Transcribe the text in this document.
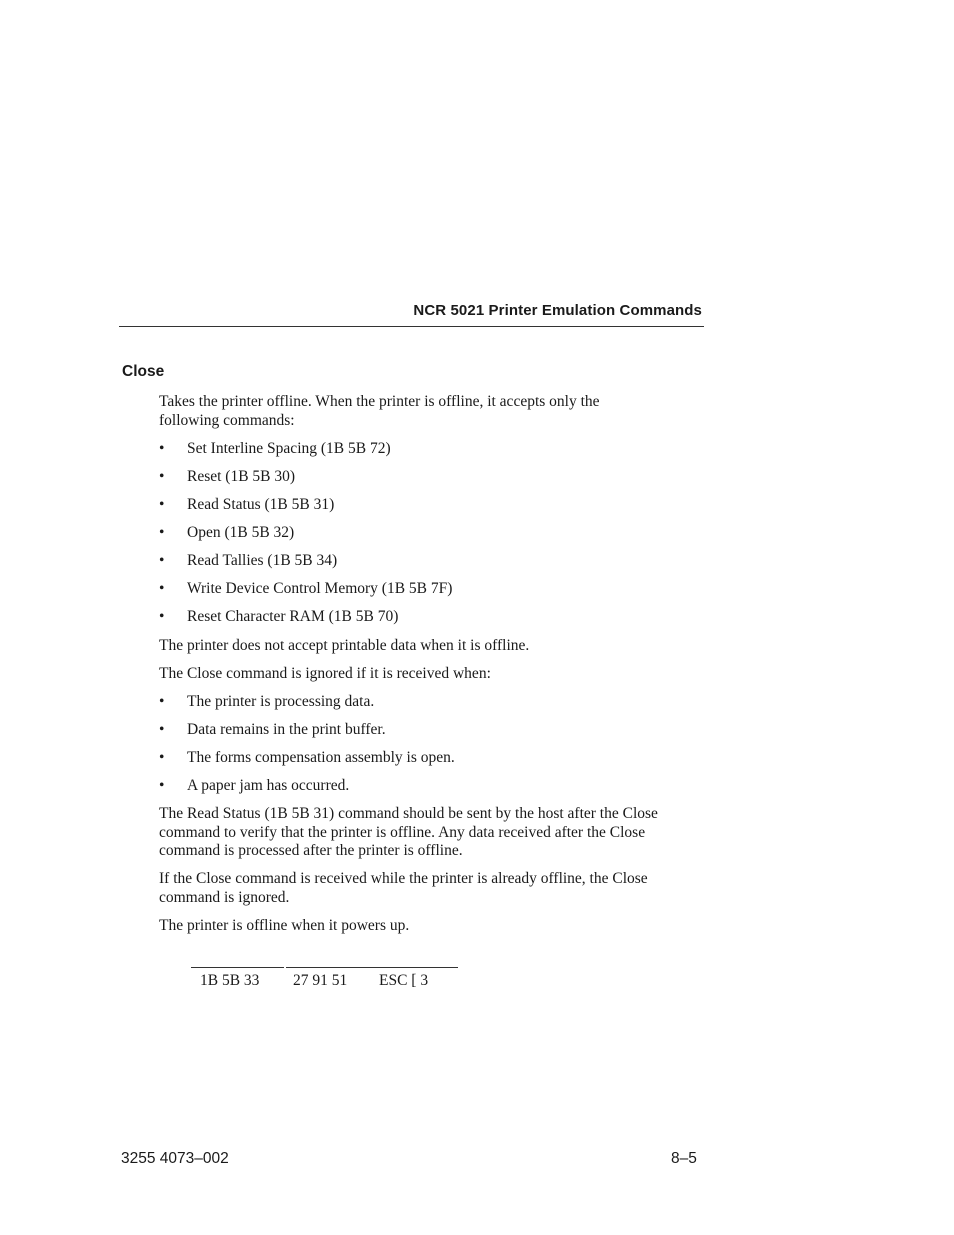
NCR 5021 Printer Emulation Commands
Close
Takes the printer offline. When the printer is offline, it accepts only the
following commands:
• Set Interline Spacing (1B 5B 72)
• Reset (1B 5B 30)
• Read Status (1B 5B 31)
• Open (1B 5B 32)
• Read Tallies (1B 5B 34)
• Write Device Control Memory (1B 5B 7F)
• Reset Character RAM (1B 5B 70)
The printer does not accept printable data when it is offline.
The Close command is ignored if it is received when:
• The printer is processing data.
• Data remains in the print buffer.
• The forms compensation assembly is open.
• A paper jam has occurred.
The Read Status (1B 5B 31) command should be sent by the host after the Close
command to verify that the printer is offline. Any data received after the Close
command is processed after the printer is offline.
If the Close command is received while the printer is already offline, the Close
command is ignored.
The printer is offline when it powers up.
1B 5B 33 27 91 51 ESC [ 3
3255 4073–002	8–5
